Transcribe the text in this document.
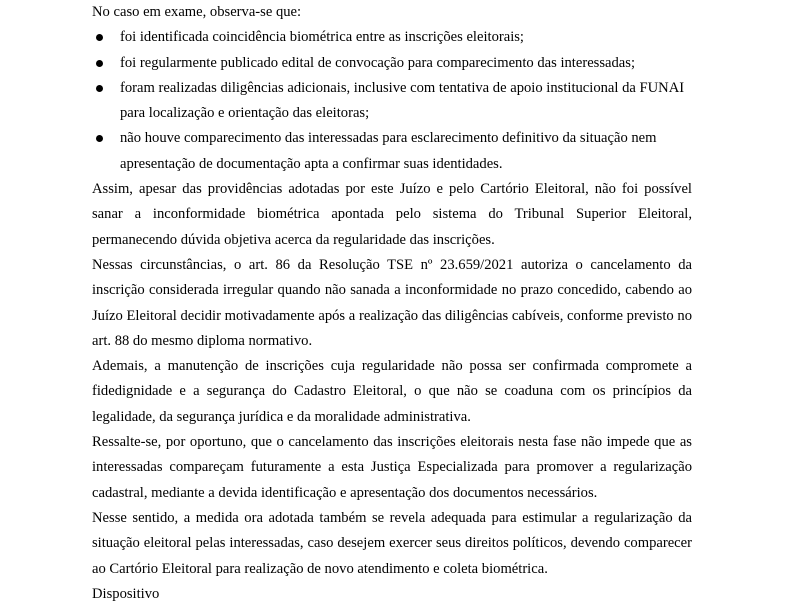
No caso em exame, observa-se que:

foi identificada coincidência biométrica entre as inscrições eleitorais;
foi regularmente publicado edital de convocação para comparecimento das interessadas;
foram realizadas diligências adicionais, inclusive com tentativa de apoio institucional da FUNAI para localização e orientação das eleitoras;
não houve comparecimento das interessadas para esclarecimento definitivo da situação nem apresentação de documentação apta a confirmar suas identidades.

Assim, apesar das providências adotadas por este Juízo e pelo Cartório Eleitoral, não foi possível sanar a inconformidade biométrica apontada pelo sistema do Tribunal Superior Eleitoral, permanecendo dúvida objetiva acerca da regularidade das inscrições.

Nessas circunstâncias, o art. 86 da Resolução TSE nº 23.659/2021 autoriza o cancelamento da inscrição considerada irregular quando não sanada a inconformidade no prazo concedido, cabendo ao Juízo Eleitoral decidir motivadamente após a realização das diligências cabíveis, conforme previsto no art. 88 do mesmo diploma normativo.

Ademais, a manutenção de inscrições cuja regularidade não possa ser confirmada compromete a fidedignidade e a segurança do Cadastro Eleitoral, o que não se coaduna com os princípios da legalidade, da segurança jurídica e da moralidade administrativa.

Ressalte-se, por oportuno, que o cancelamento das inscrições eleitorais nesta fase não impede que as interessadas compareçam futuramente a esta Justiça Especializada para promover a regularização cadastral, mediante a devida identificação e apresentação dos documentos necessários.

Nesse sentido, a medida ora adotada também se revela adequada para estimular a regularização da situação eleitoral pelas interessadas, caso desejem exercer seus direitos políticos, devendo comparecer ao Cartório Eleitoral para realização de novo atendimento e coleta biométrica.

Dispositivo
